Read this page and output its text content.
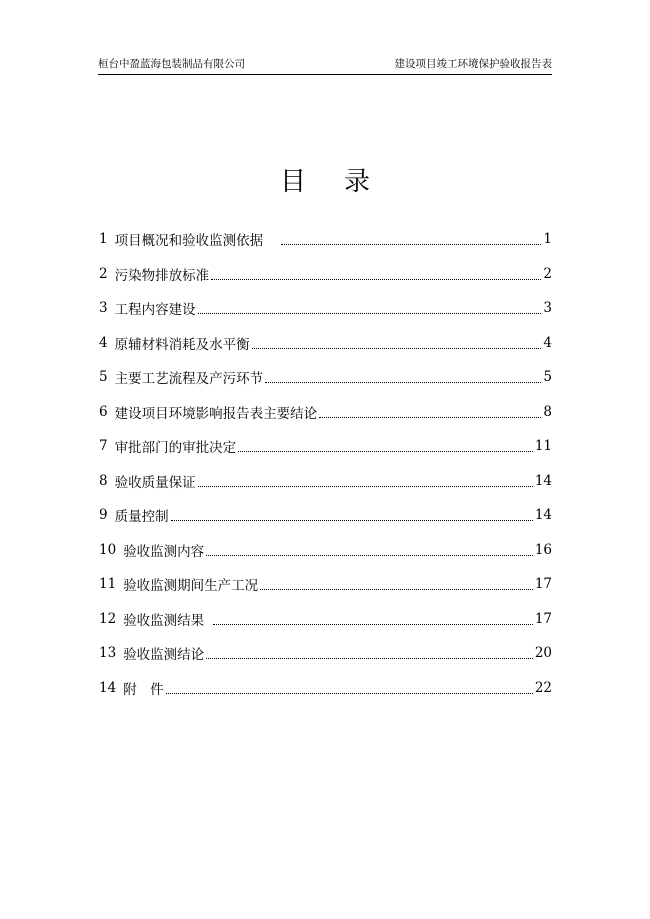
桓台中盈蓝海包装制品有限公司	建设项目竣工环境保护验收报告表
目录
1 项目概况和验收监测依据	1
2 污染物排放标准	2
3 工程内容建设	3
4 原辅材料消耗及水平衡	4
5 主要工艺流程及产污环节	5
6 建设项目环境影响报告表主要结论	8
7 审批部门的审批决定	11
8 验收质量保证	14
9 质量控制	14
10 验收监测内容	16
11 验收监测期间生产工况	17
12 验收监测结果	17
13 验收监测结论	20
14 附　件	22
